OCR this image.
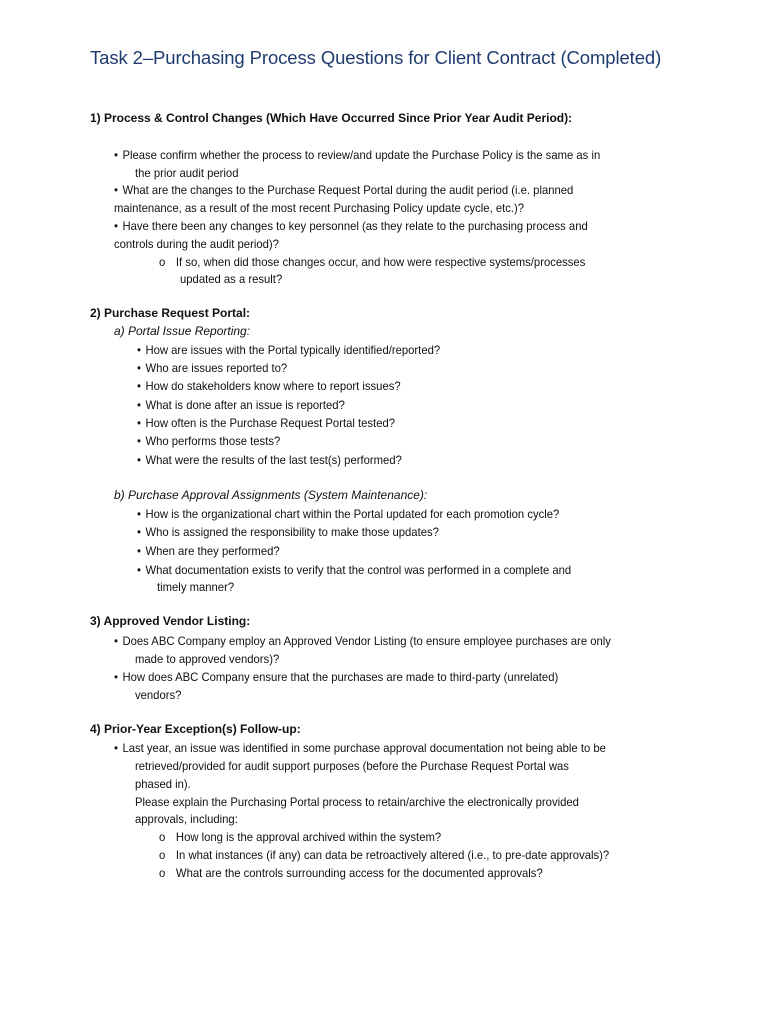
Task 2–Purchasing Process Questions for Client Contract (Completed)

1) Process & Control Changes (Which Have Occurred Since Prior Year Audit Period):

• Please confirm whether the process to review/and update the Purchase Policy is the same as in

the prior audit period

• What are the changes to the Purchase Request Portal during the audit period (i.e. planned

maintenance, as a result of the most recent Purchasing Policy update cycle, etc.)?

• Have there been any changes to key personnel (as they relate to the purchasing process and

controls during the audit period)?

o If so, when did those changes occur, and how were respective systems/processes

updated as a result?

2) Purchase Request Portal:

a) Portal Issue Reporting:

• How are issues with the Portal typically identified/reported?

• Who are issues reported to?

• How do stakeholders know where to report issues?

• What is done after an issue is reported?

• How often is the Purchase Request Portal tested?

• Who performs those tests?

• What were the results of the last test(s) performed?

b) Purchase Approval Assignments (System Maintenance):

• How is the organizational chart within the Portal updated for each promotion cycle?

• Who is assigned the responsibility to make those updates?

• When are they performed?

• What documentation exists to verify that the control was performed in a complete and

timely manner?

3) Approved Vendor Listing:

• Does ABC Company employ an Approved Vendor Listing (to ensure employee purchases are only

made to approved vendors)?

• How does ABC Company ensure that the purchases are made to third-party (unrelated)

vendors?

4) Prior-Year Exception(s) Follow-up:

• Last year, an issue was identified in some purchase approval documentation not being able to be

retrieved/provided for audit support purposes (before the Purchase Request Portal was

phased in).

Please explain the Purchasing Portal process to retain/archive the electronically provided

approvals, including:

o How long is the approval archived within the system?

o In what instances (if any) can data be retroactively altered (i.e., to pre-date approvals)?

o What are the controls surrounding access for the documented approvals?
